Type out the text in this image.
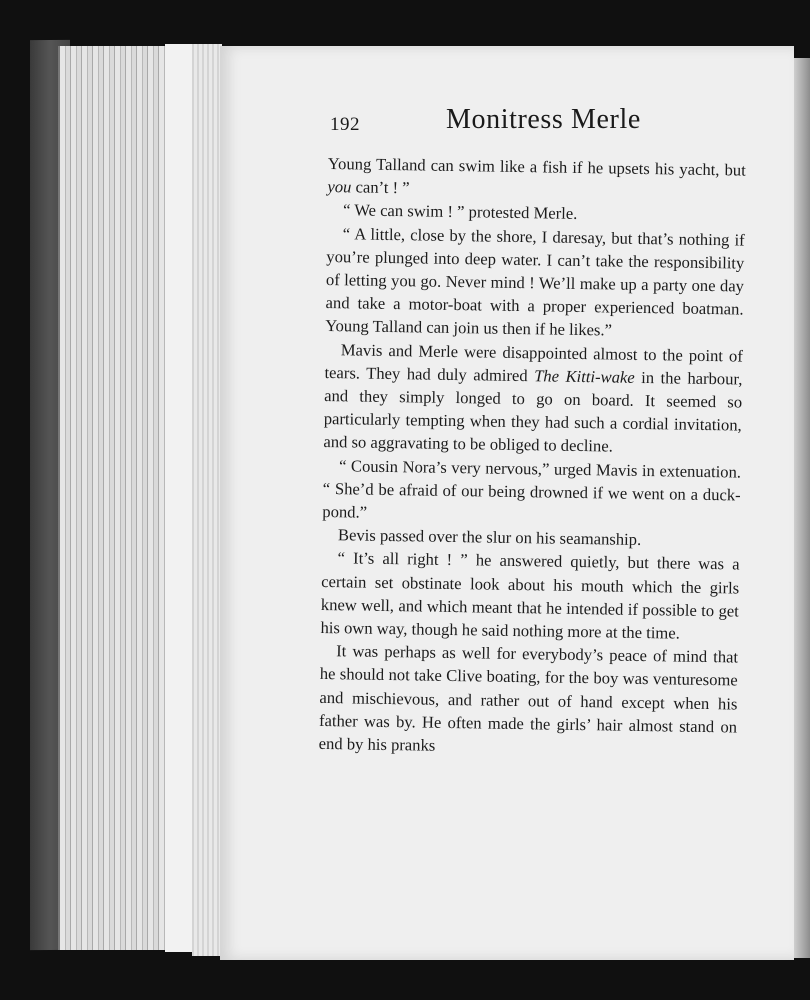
192	Monitress Merle

Young Talland can swim like a fish if he upsets his yacht, but you can’t ! ”

“ We can swim ! ” protested Merle.

“ A little, close by the shore, I daresay, but that’s nothing if you’re plunged into deep water. I can’t take the responsibility of letting you go. Never mind ! We’ll make up a party one day and take a motor-boat with a proper experienced boatman. Young Talland can join us then if he likes.”

Mavis and Merle were disappointed almost to the point of tears. They had duly admired The Kitti-wake in the harbour, and they simply longed to go on board. It seemed so particularly tempting when they had such a cordial invitation, and so aggravating to be obliged to decline.

“ Cousin Nora’s very nervous,” urged Mavis in extenuation. “ She’d be afraid of our being drowned if we went on a duck-pond.”

Bevis passed over the slur on his seamanship.

“ It’s all right ! ” he answered quietly, but there was a certain set obstinate look about his mouth which the girls knew well, and which meant that he intended if possible to get his own way, though he said nothing more at the time.

It was perhaps as well for everybody’s peace of mind that he should not take Clive boating, for the boy was venturesome and mischievous, and rather out of hand except when his father was by. He often made the girls’ hair almost stand on end by his pranks
